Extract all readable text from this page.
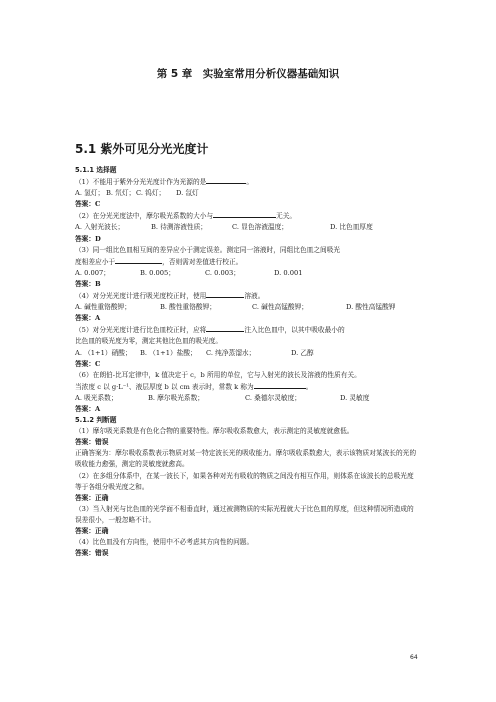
第 5 章　实验室常用分析仪器基础知识
5.1 紫外可见分光光度计
5.1.1 选择题
（1）不能用于紫外分光光度计作为光源的是	。
A. 氢灯； B. 氘灯； C. 钨灯；	D. 氙灯
答案：C
（2）在分光光度法中，摩尔吸光系数的大小与	无关。
A. 入射光波长；	B. 待测溶液性质；	C. 显色溶液温度；	D. 比色皿厚度
答案：D
（3）同一组比色皿相互间的差异应小于测定误差。测定同一溶液时，同组比色皿之间吸光
度相差应小于	，否则需对差值进行校正。
A. 0.007；	B. 0.005；	C. 0.003；	D. 0.001
答案：B
（4）对分光光度计进行吸光度校正时，使用	溶液。
A. 碱性重铬酸钾；	B. 酸性重铬酸钾；	C. 碱性高锰酸钾；	D. 酸性高锰酸钾
答案：A
（5）对分光光度计进行比色皿校正时，应将	注入比色皿中，以其中吸收最小的
比色皿的吸光度为零，测定其他比色皿的吸光度。
A. （1+1）硝酸；	B. （1+1）盐酸；	C. 纯净蒸馏水；	D. 乙醇
答案：C
（6）在朗伯-比耳定律中，k 值决定于 c，b 所用的单位，它与入射光的波长及溶液的性质有关。
当浓度 c 以 g·L⁻¹、液层厚度 b 以 cm 表示时，常数 k 称为	。
A. 吸光系数；	B. 摩尔吸光系数；	C. 桑德尔灵敏度；	D. 灵敏度
答案：A
5.1.2 判断题
（1）摩尔吸光系数是有色化合物的重要特性。摩尔吸收系数愈大，表示测定的灵敏度就愈低。
答案：错误
正确答案为：摩尔吸收系数表示物质对某一特定波长光的吸收能力。摩尔吸收系数愈大，表示该物质对某波长的光的吸收能力愈强，测定的灵敏度就愈高。
（2）在多组分体系中，在某一波长下，如果各种对光有吸收的物质之间没有相互作用，则体系在该波长的总吸光度等于各组分吸光度之和。
答案：正确
（3）当入射光与比色皿的光学面不相垂直时，通过被测物质的实际光程就大于比色皿的厚度，但这种情况所造成的误差很小，一般忽略不计。
答案：正确
（4）比色皿没有方向性，使用中不必考虑其方向性的问题。
答案：错误
64
